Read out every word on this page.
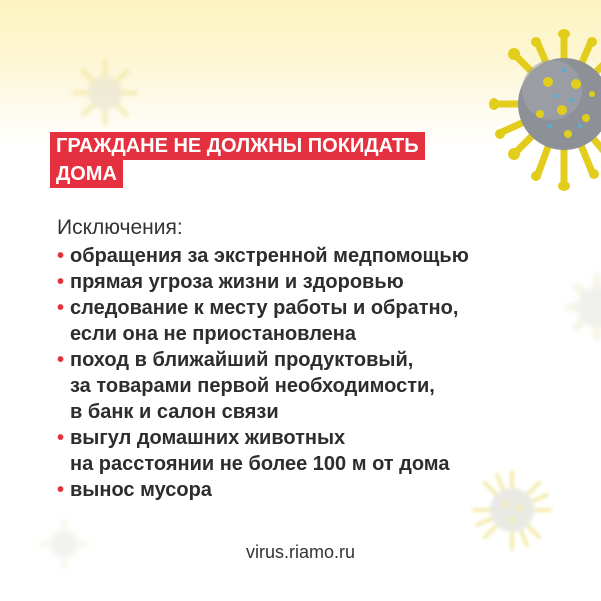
ГРАЖДАНЕ НЕ ДОЛЖНЫ ПОКИДАТЬ
ДОМА
Исключения:
• обращения за экстренной медпомощью
• прямая угроза жизни и здоровью
• следование к месту работы и обратно,
если она не приостановлена
• поход в ближайший продуктовый,
за товарами первой необходимости,
в банк и салон связи
• выгул домашних животных
на расстоянии не более 100 м от дома
• вынос мусора
virus.riamo.ru
